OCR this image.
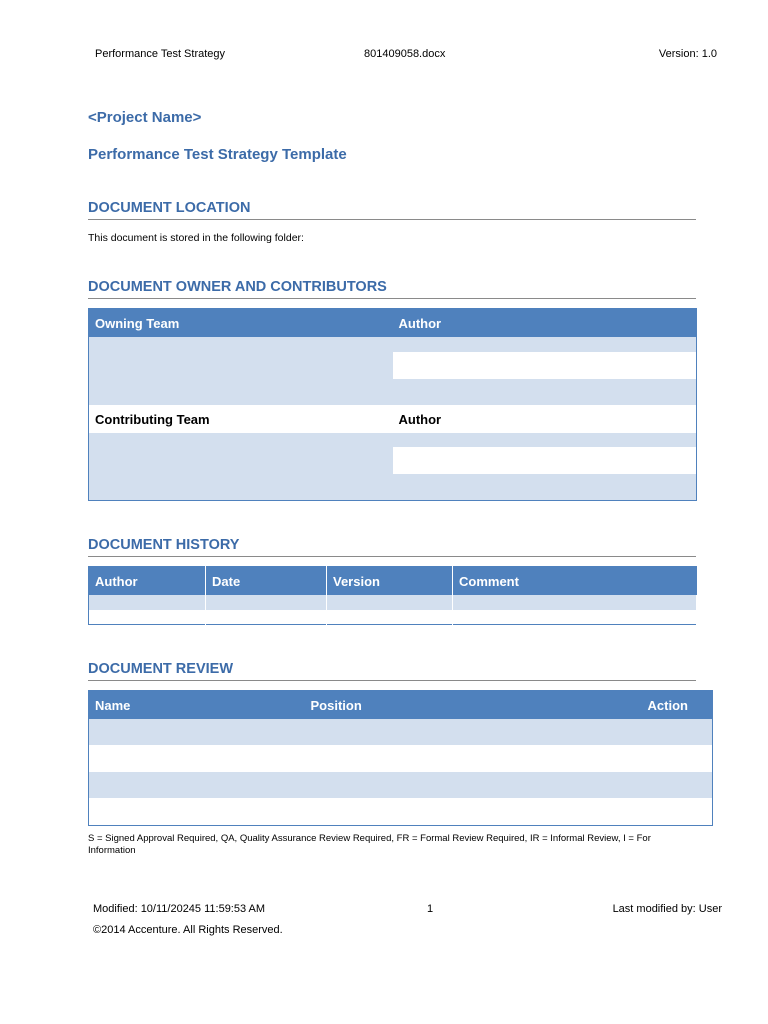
Performance Test Strategy	801409058.docx	Version: 1.0
<Project Name>
Performance Test Strategy Template
DOCUMENT LOCATION
This document is stored in the following folder:
DOCUMENT OWNER AND CONTRIBUTORS
Owning Team	Author

Contributing Team	Author

DOCUMENT HISTORY
Author	Date	Version	Comment

DOCUMENT REVIEW
Name	Position	Action

S = Signed Approval Required, QA, Quality Assurance Review Required, FR = Formal Review Required, IR = Informal Review, I = For Information
Modified: 10/11/20245 11:59:53 AM	1	Last modified by: User
©2014 Accenture. All Rights Reserved.
